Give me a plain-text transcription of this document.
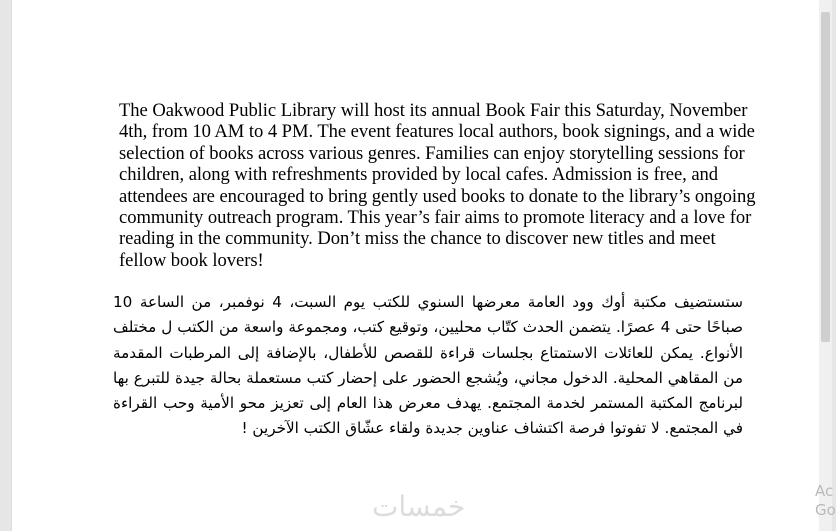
The Oakwood Public Library will host its annual Book Fair this Saturday, November 4th, from 10 AM to 4 PM. The event features local authors, book signings, and a wide selection of books across various genres. Families can enjoy storytelling sessions for children, along with refreshments provided by local cafes. Admission is free, and attendees are encouraged to bring gently used books to donate to the library’s ongoing community outreach program. This year’s fair aims to promote literacy and a love for reading in the community. Don’t miss the chance to discover new titles and meet fellow book lovers!

ستستضيف مكتبة أوك وود العامة معرضها السنوي للكتب يوم السبت، 4 نوفمبر، من الساعة 10 صباحًا حتى 4 عصرًا. يتضمن الحدث كتّاب محليين، وتوقيع كتب، ومجموعة واسعة من الكتب ل مختلف الأنواع. يمكن للعائلات الاستمتاع بجلسات قراءة للقصص للأطفال، بالإضافة إلى المرطبات المقدمة من المقاهي المحلية. الدخول مجاني، ويُشجع الحضور على إحضار كتب مستعملة بحالة جيدة للتبرع بها لبرنامج المكتبة المستمر لخدمة المجتمع. يهدف معرض هذا العام إلى تعزيز محو الأمية وحب القراءة في المجتمع. لا تفوتوا فرصة اكتشاف عناوين جديدة ولقاء عشّاق الكتب الآخرين !

خمسات	Ac
Go
